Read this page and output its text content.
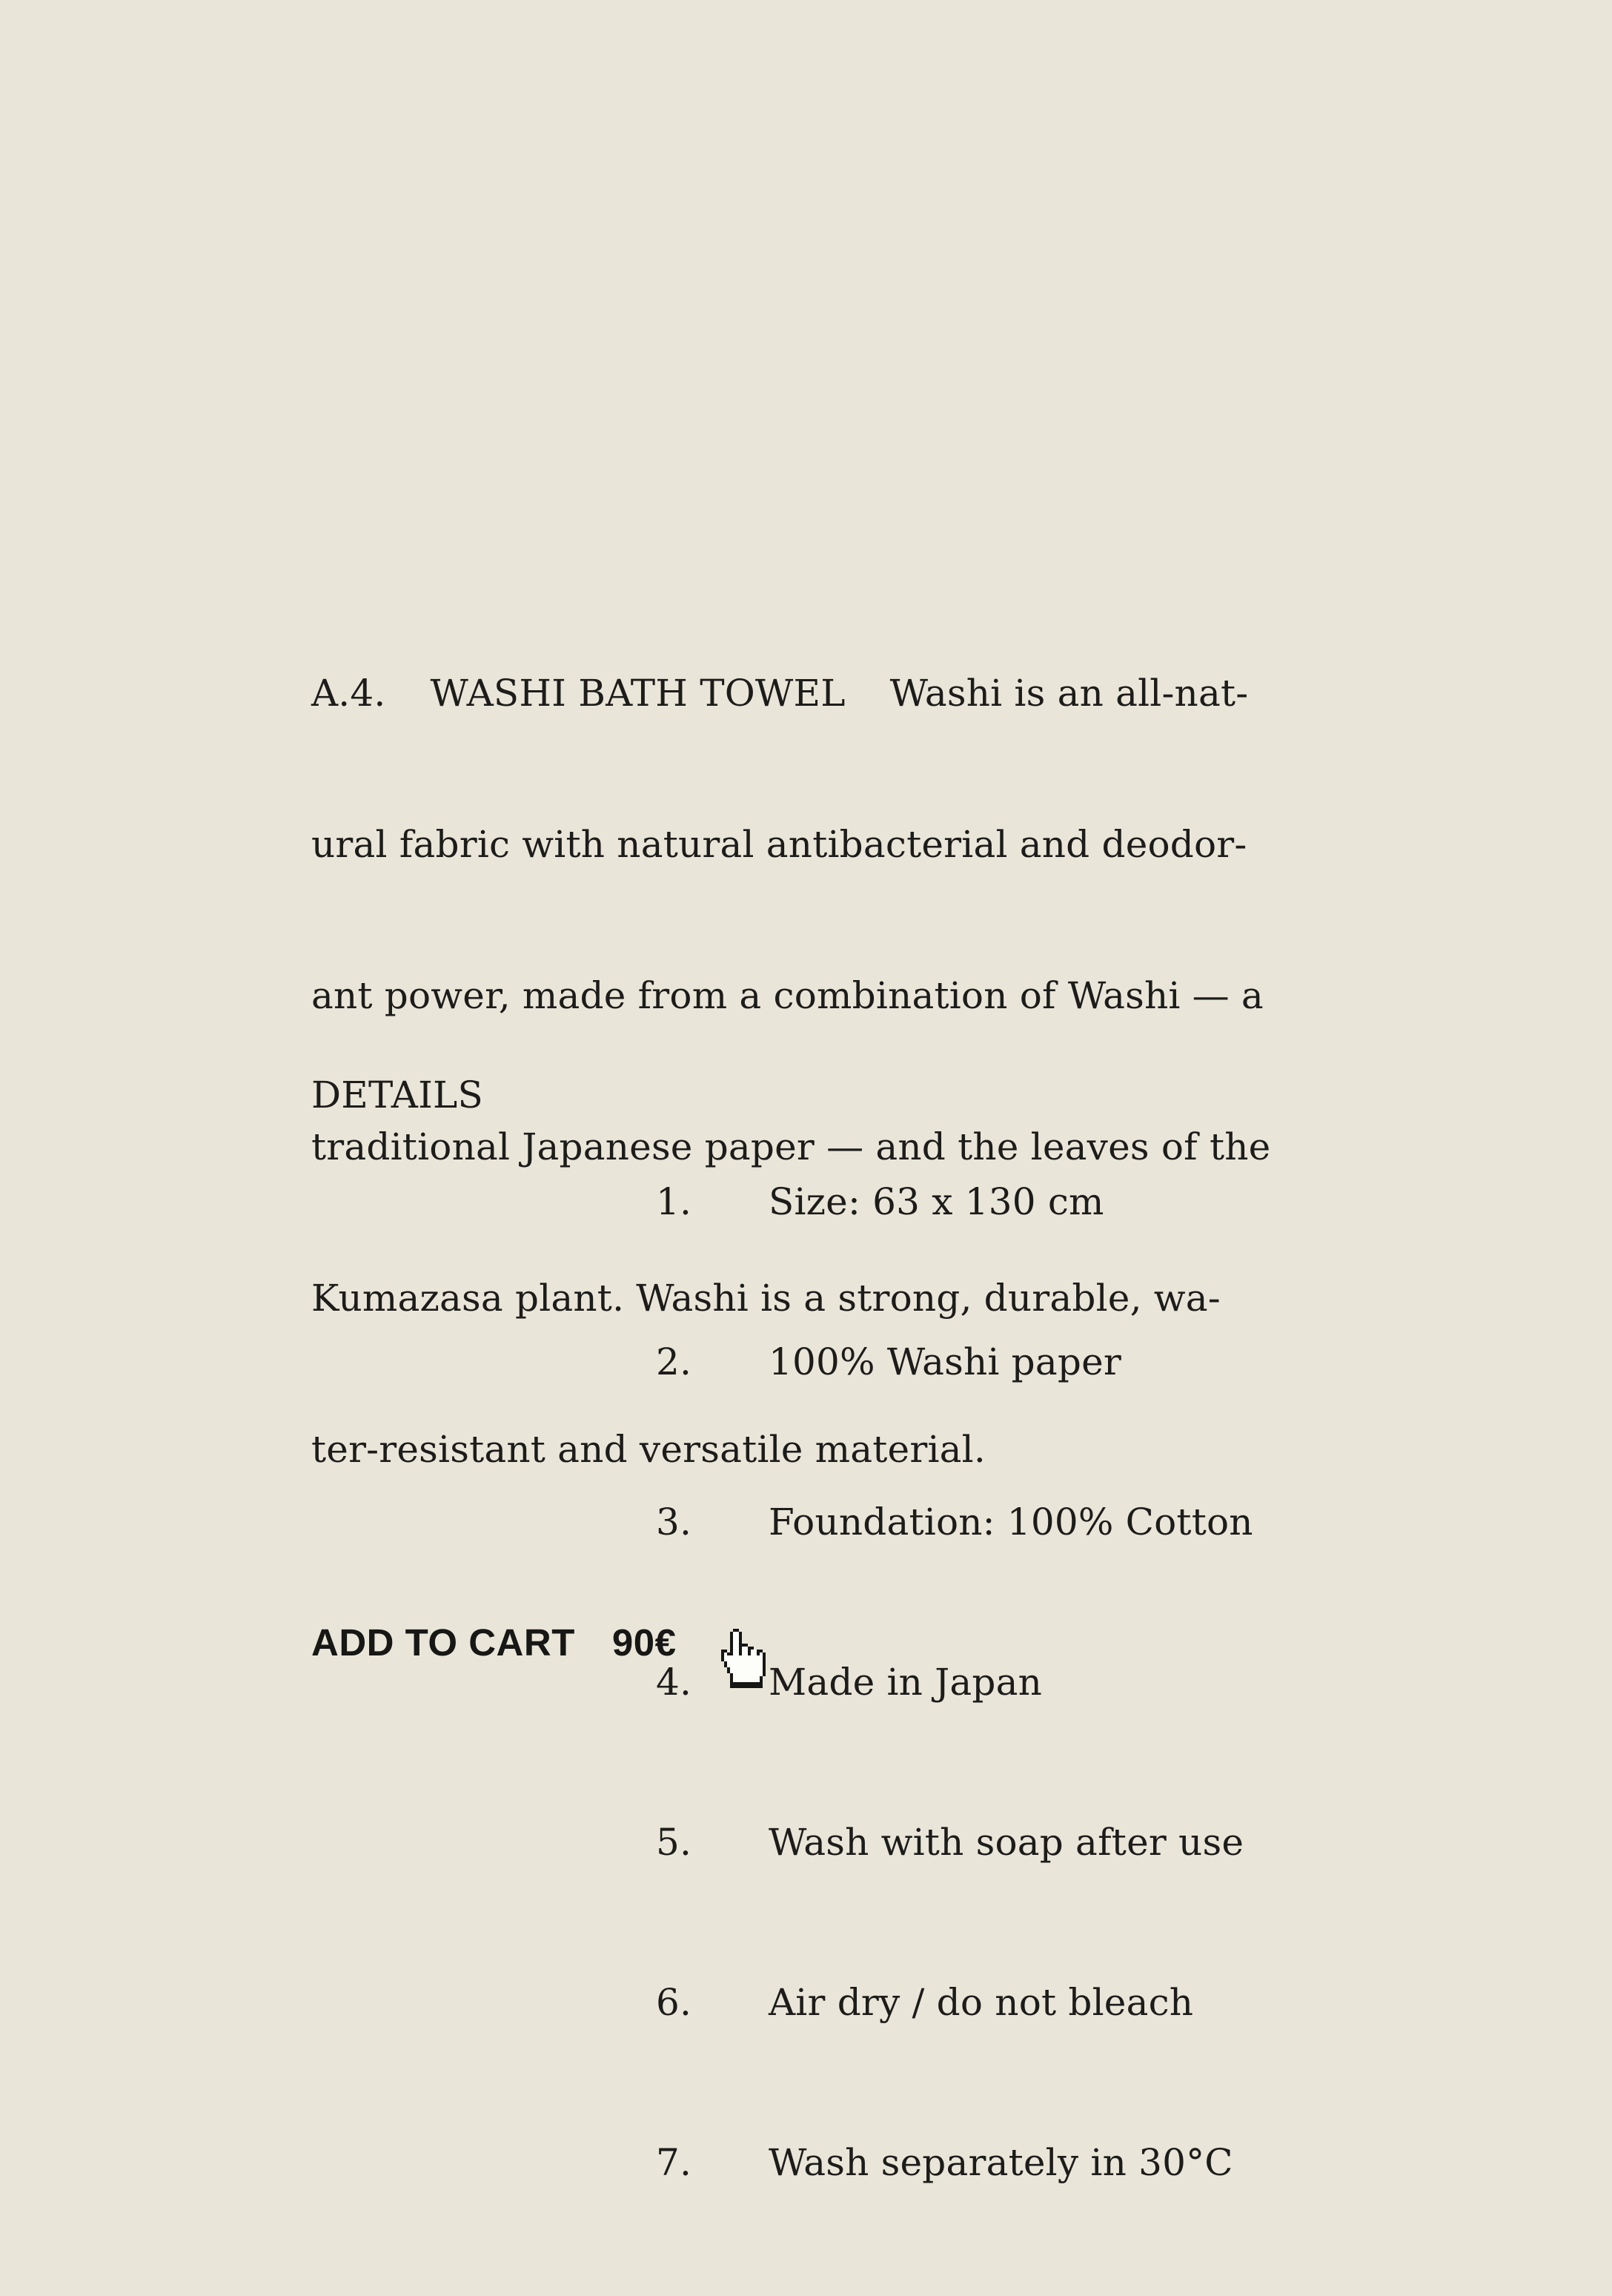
A.4. WASHI BATH TOWEL Washi is an all-nat-

ural fabric with natural antibacterial and deodor-

ant power, made from a combination of Washi — a

traditional Japanese paper — and the leaves of the

Kumazasa plant. Washi is a strong, durable, wa-

ter-resistant and versatile material.

DETAILS

1.	Size: 63 x 130 cm

2.	100% Washi paper

3.	Foundation: 100% Cotton

4.	Made in Japan

5.	Wash with soap after use

6.	Air dry / do not bleach

7.	Wash separately in 30°C

ADD TO CART 90€
